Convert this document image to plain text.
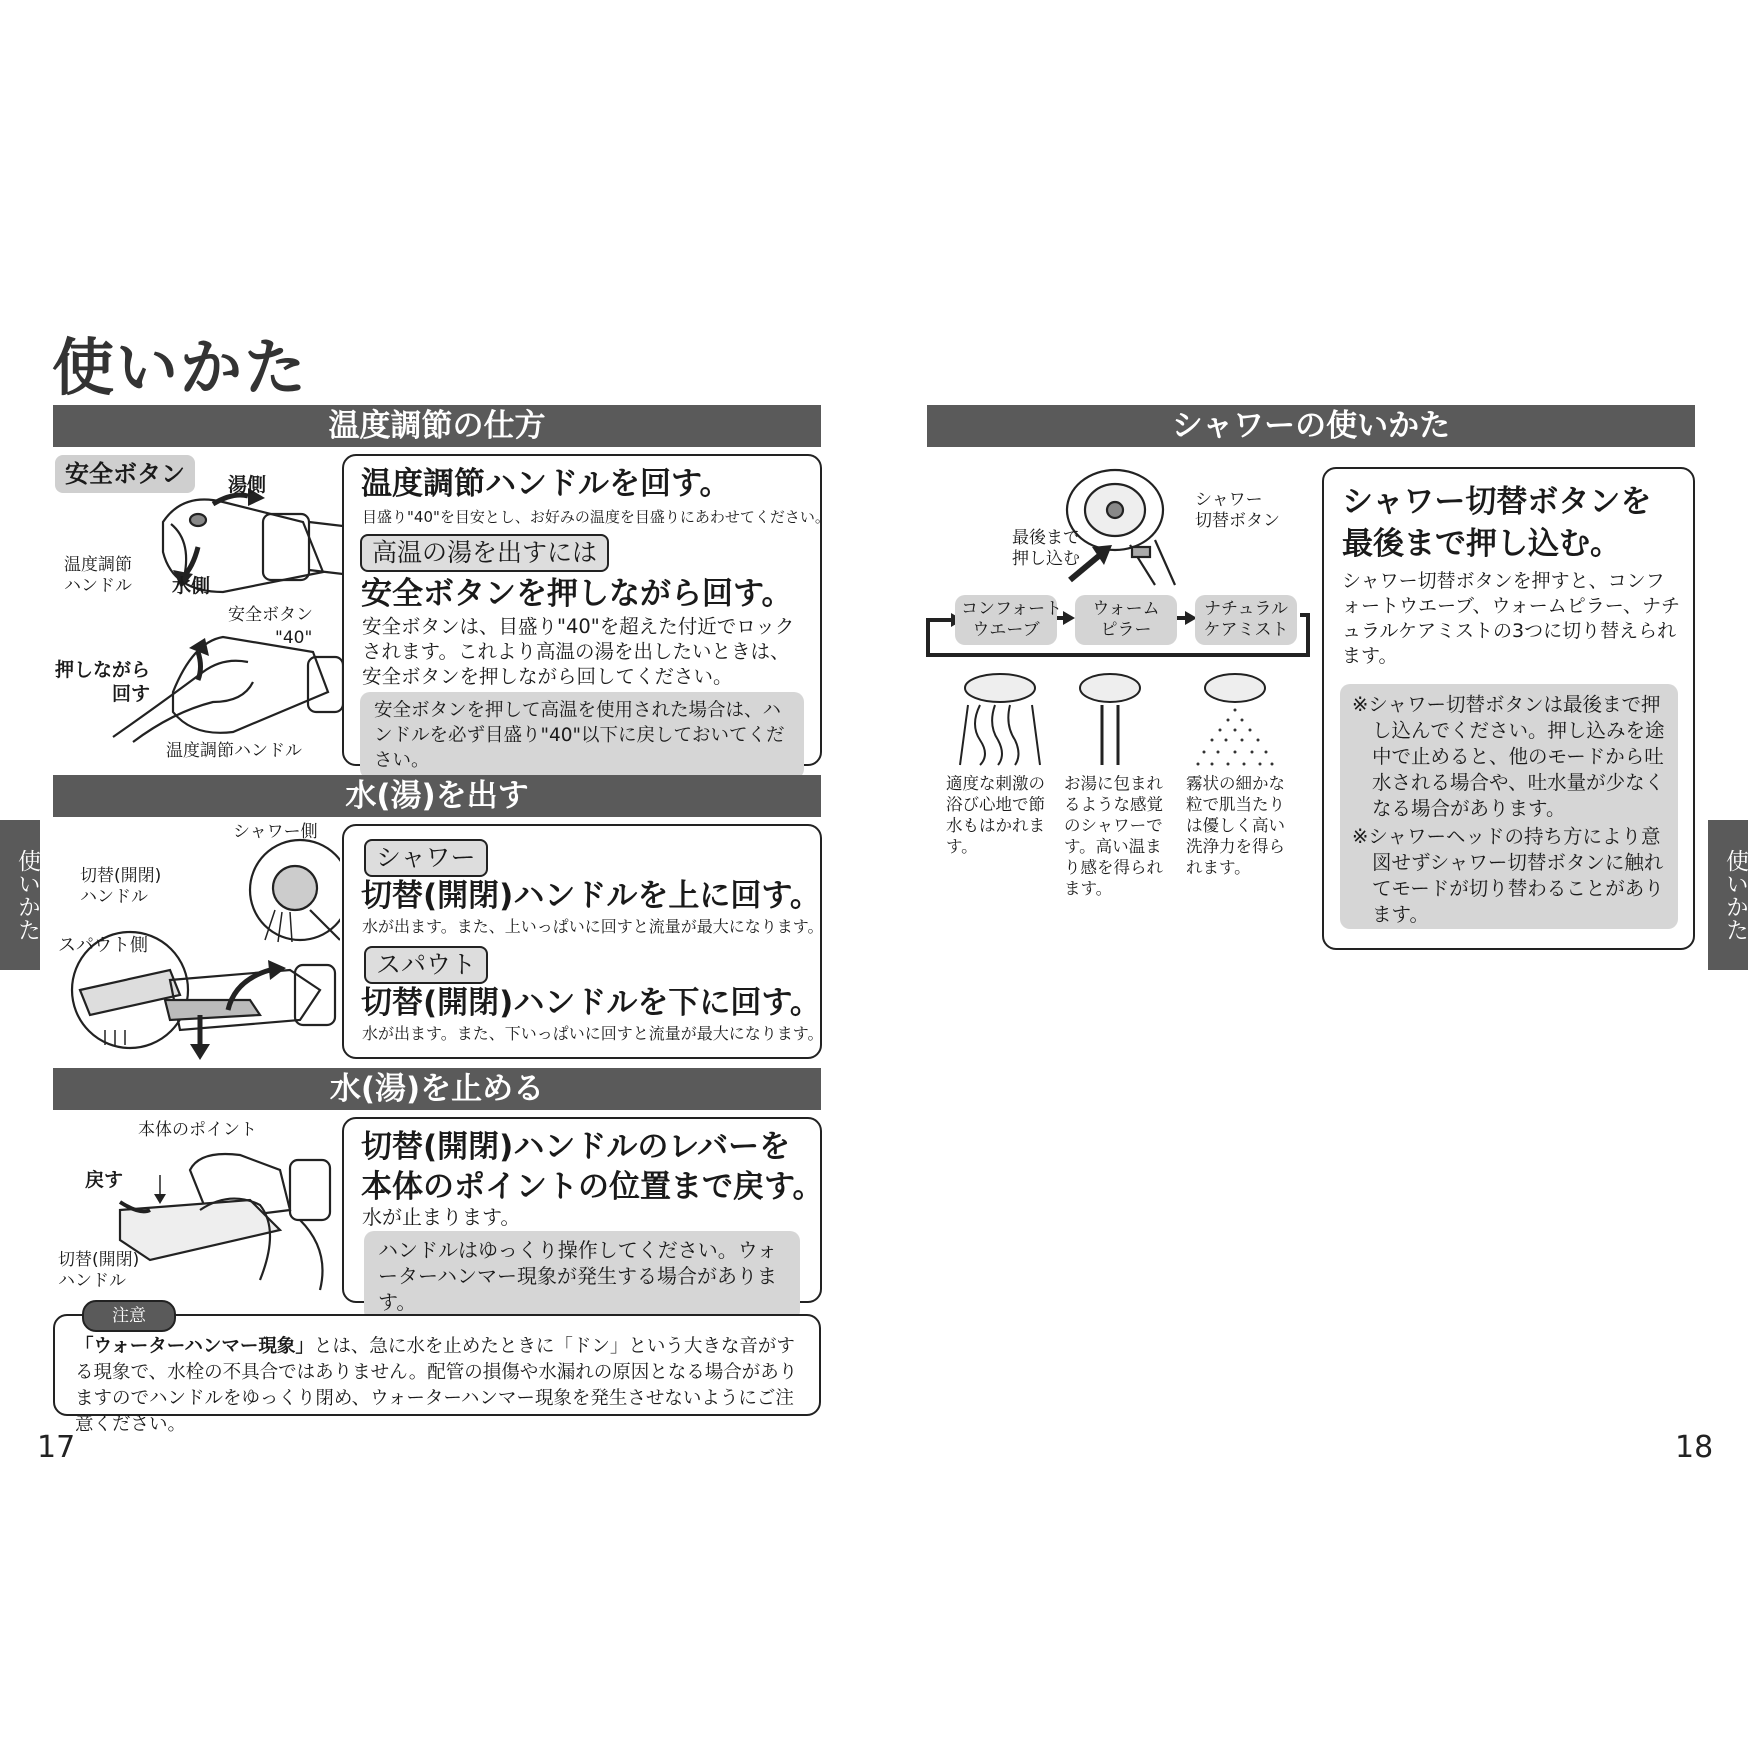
使いかた
使いかた	使いかた
温度調節の仕方
安全ボタン	湯側
水側
温度調節
ハンドル
安全ボタン
"40"
押しながら
回す
温度調節ハンドル
温度調節ハンドルを回す。
目盛り"40"を目安とし、お好みの温度を目盛りにあわせてください。
高温の湯を出すには
安全ボタンを押しながら回す。
安全ボタンは、目盛り"40"を超えた付近でロックされます。これより高温の湯を出したいときは、安全ボタンを押しながら回してください。
安全ボタンを押して高温を使用された場合は、ハンドルを必ず目盛り"40"以下に戻しておいてください。
水(湯)を出す
シャワー側
切替(開閉)
ハンドル
スパウト側
シャワー
切替(開閉)ハンドルを上に回す。
水が出ます。また、上いっぱいに回すと流量が最大になります。
スパウト
切替(開閉)ハンドルを下に回す。
水が出ます。また、下いっぱいに回すと流量が最大になります。
水(湯)を止める
本体のポイント
戻す
切替(開閉)
ハンドル
切替(開閉)ハンドルのレバーを
本体のポイントの位置まで戻す。
水が止まります。
ハンドルはゆっくり操作してください。ウォーターハンマー現象が発生する場合があります。
「ウォーターハンマー現象」とは、急に水を止めたときに「ドン」という大きな音がする現象で、水栓の不具合ではありません。配管の損傷や水漏れの原因となる場合がありますのでハンドルをゆっくり閉め、ウォーターハンマー現象を発生させないようにご注意ください。
注意
17	18
シャワーの使いかた
シャワー
切替ボタン
最後まで
押し込む
コンフォート
ウエーブ
ウォーム
ピラー
ナチュラル
ケアミスト
適度な刺激の浴び心地で節水もはかれます。
お湯に包まれるような感覚のシャワーです。高い温まり感を得られます。
霧状の細かな粒で肌当たりは優しく高い洗浄力を得られます。
シャワー切替ボタンを
最後まで押し込む。
シャワー切替ボタンを押すと、コンフォートウエーブ、ウォームピラー、ナチュラルケアミストの3つに切り替えられます。
※シャワー切替ボタンは最後まで押し込んでください。押し込みを途中で止めると、他のモードから吐水される場合や、吐水量が少なくなる場合があります。
※シャワーヘッドの持ち方により意図せずシャワー切替ボタンに触れてモードが切り替わることがあります。
